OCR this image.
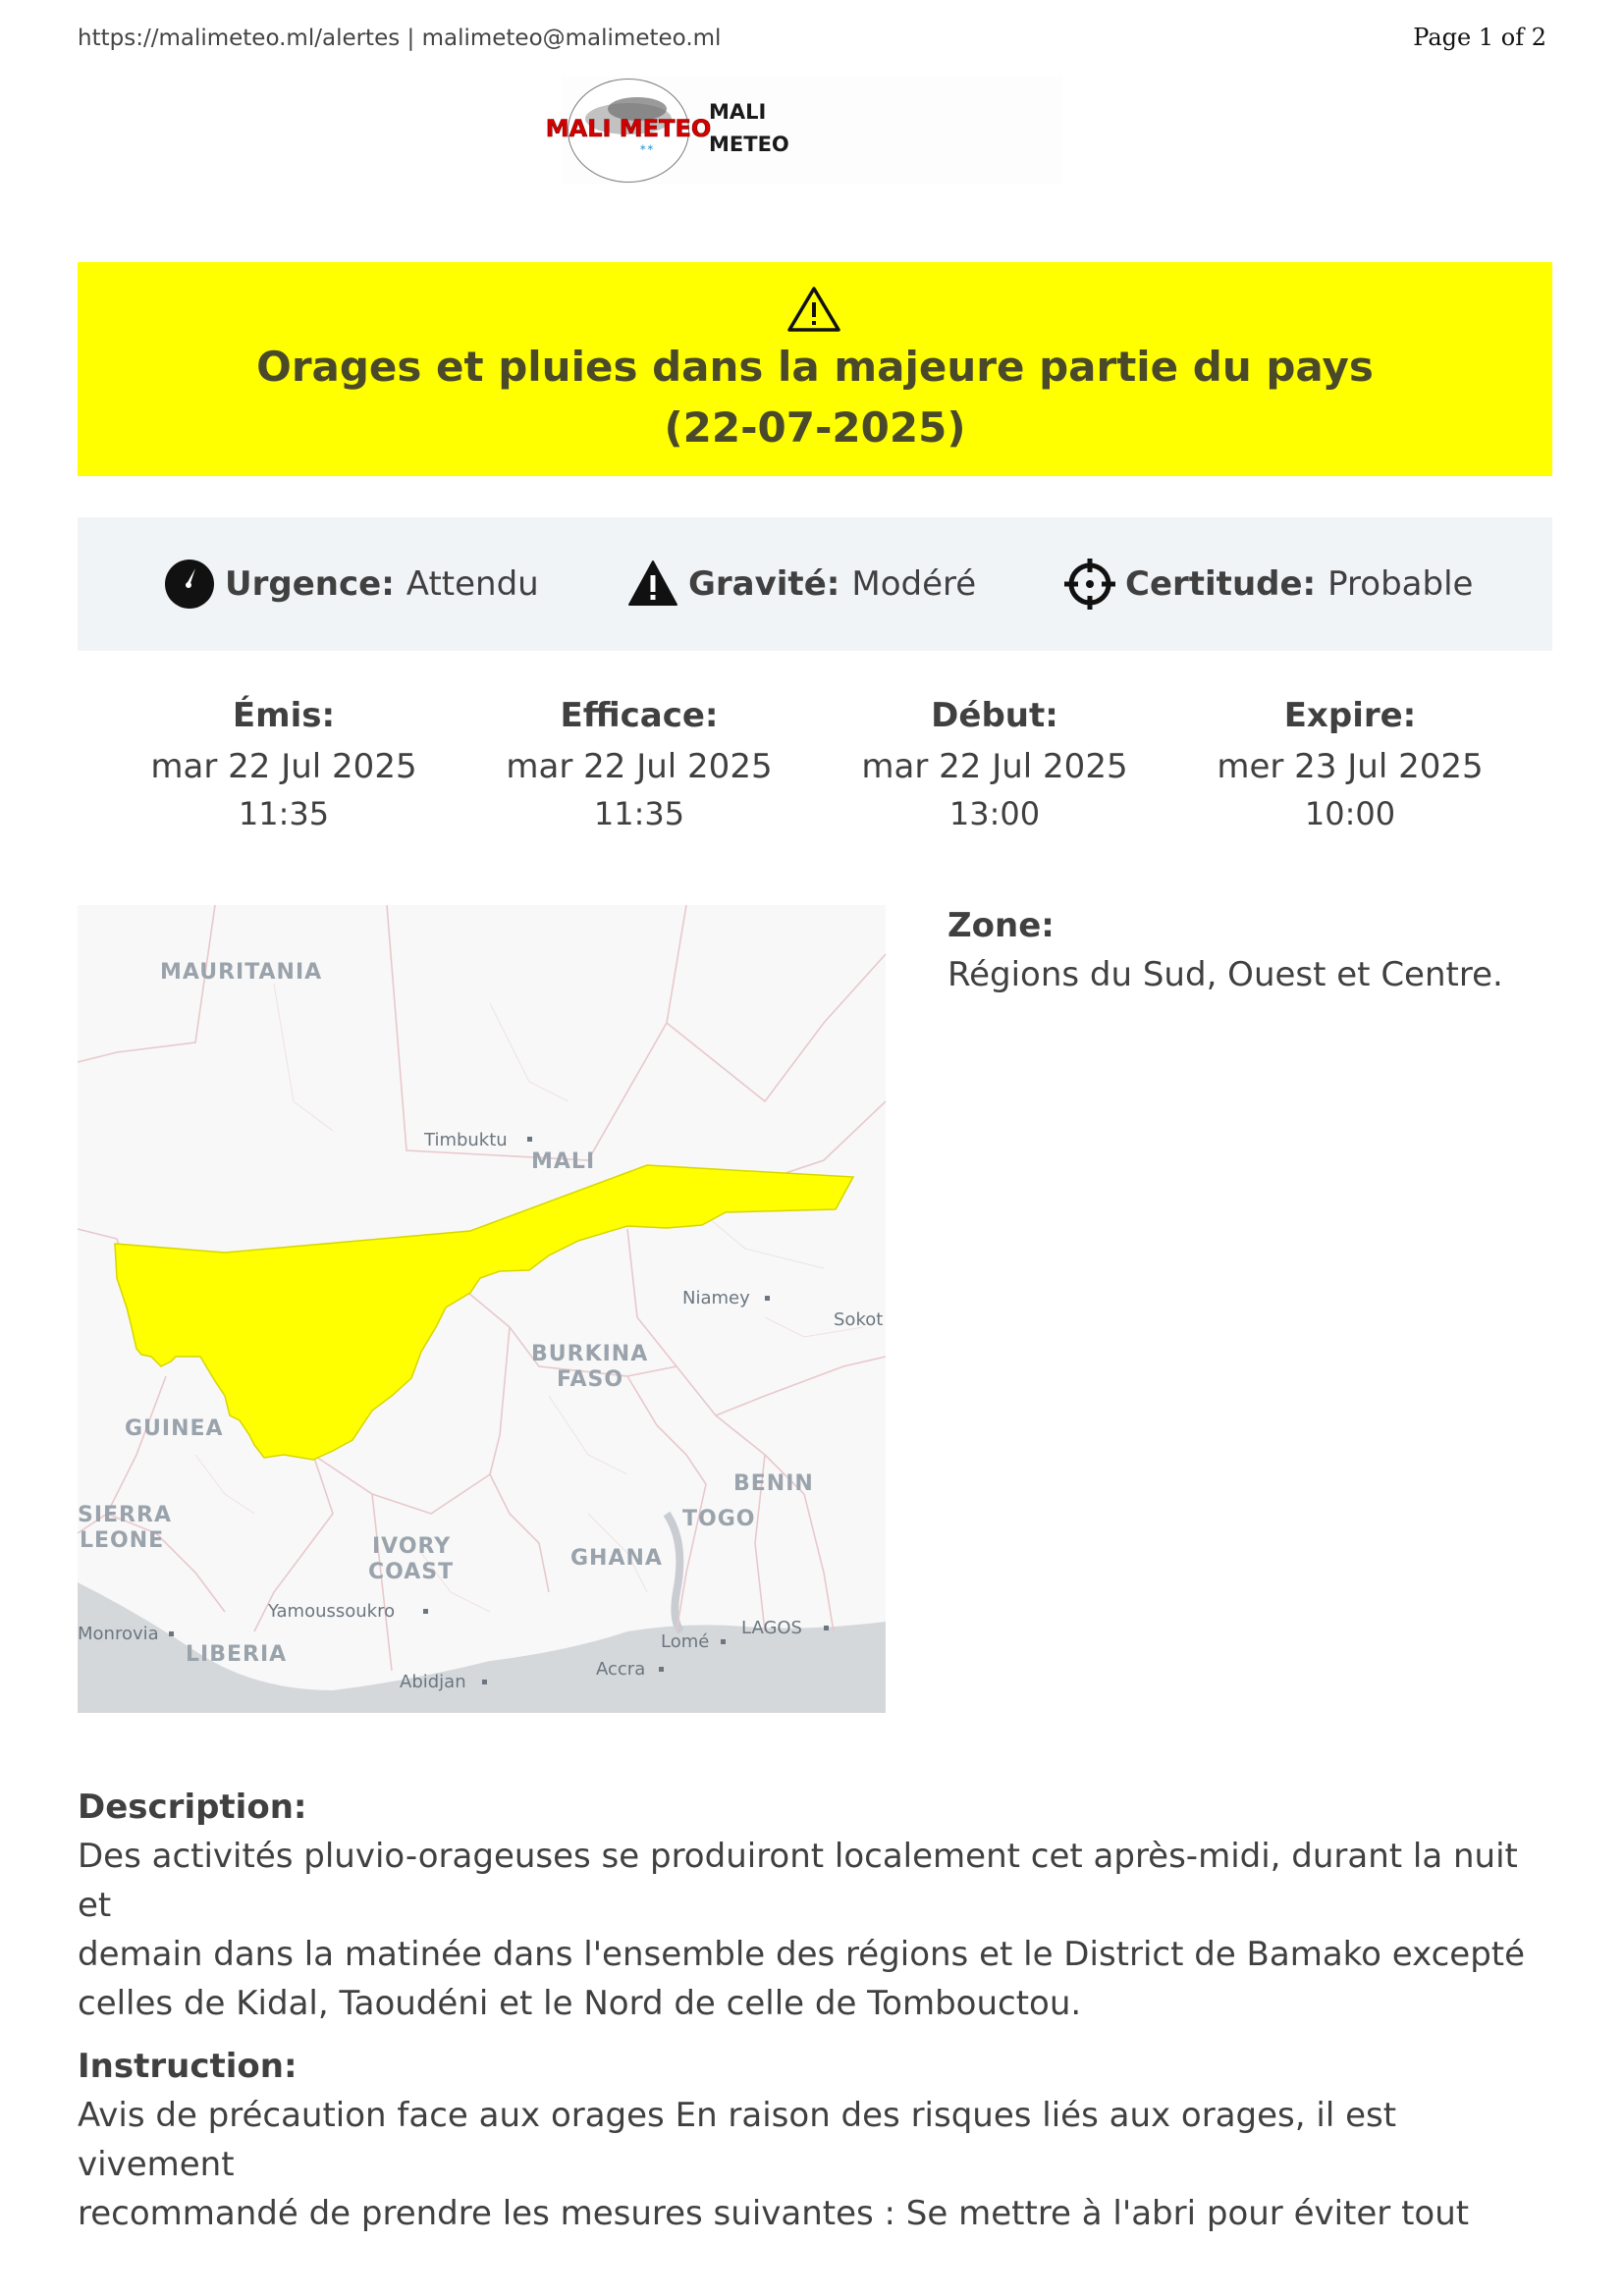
https://malimeteo.ml/alertes | malimeteo@malimeteo.ml	Page 1 of 2
MALI METEO
∗∗
MALI
METEO
Orages et pluies dans la majeure partie du pays
(22-07-2025)
Urgence: Attendu	Gravité: Modéré	Certitude: Probable
Émis:
mar 22 Jul 2025
11:35
Efficace:
mar 22 Jul 2025
11:35
Début:
mar 22 Jul 2025
13:00
Expire:
mer 23 Jul 2025
10:00
MAURITANIA
MALI
BURKINA
FASO
GUINEA
BENIN
TOGO
SIERRA
LEONE	IVORY
COAST
GHANA
LIBERIA
Timbuktu
Niamey
Sokot
Yamoussoukro
Monrovia	Lomé
LAGOS
Accra
Abidjan
Zone:
Régions du Sud, Ouest et Centre.
Description:
Des activités pluvio-orageuses se produiront localement cet après-midi, durant la nuit et
demain dans la matinée dans l'ensemble des régions et le District de Bamako excepté
celles de Kidal, Taoudéni et le Nord de celle de Tombouctou.
Instruction:
Avis de précaution face aux orages En raison des risques liés aux orages, il est vivement
recommandé de prendre les mesures suivantes : Se mettre à l'abri pour éviter tout
